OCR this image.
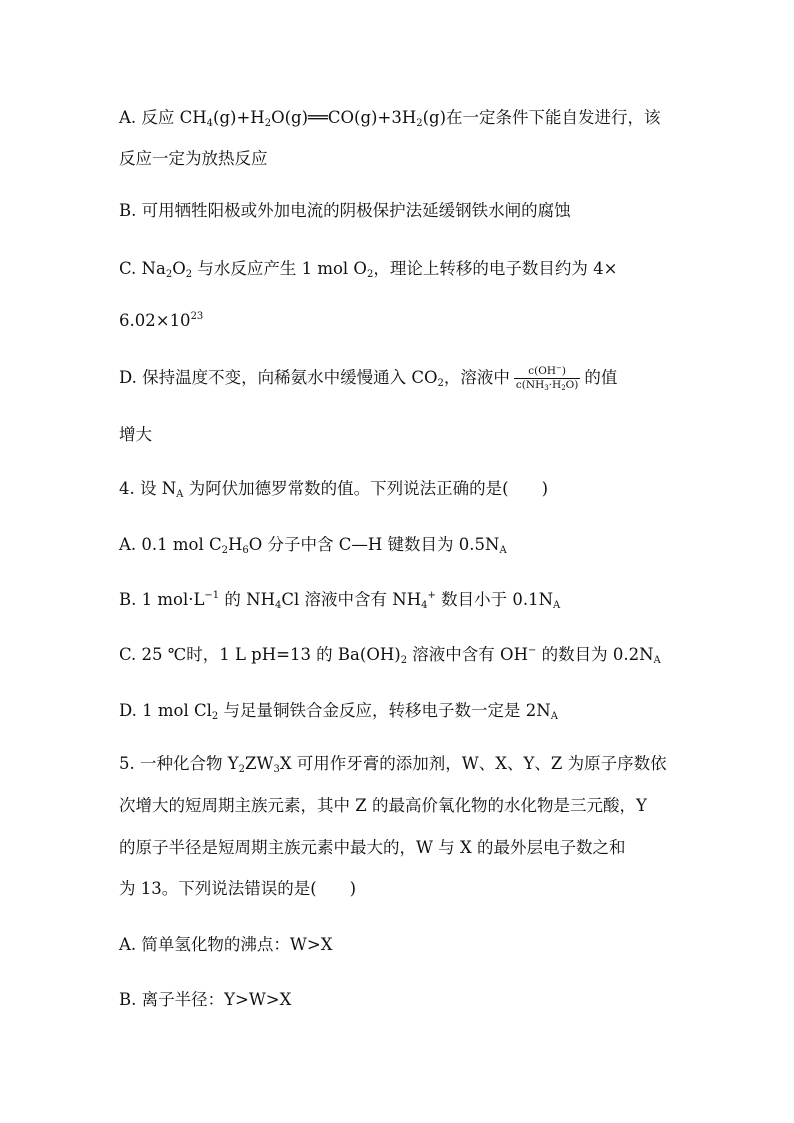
A. 反应 $CH_4(g)+H_2O(g)══CO(g)+3H_2(g)$在一定条件下能自发进行，该
反应一定为放热反应
B. 可用牺牲阳极或外加电流的阴极保护法延缓钢铁水闸的腐蚀
C. $Na_2O_2$ 与水反应产生 1 mol $O_2$，理论上转移的电子数目约为 4×
$6.02\times 10^{23}$
D. 保持温度不变，向稀氨水中缓慢通入 $CO_2$，溶液中 $\frac{c(OH^-)}{c(NH_3\cdot H_2O)}$ 的值
增大
4. 设 $N_A$ 为阿伏加德罗常数的值。下列说法正确的是(　　)
A. 0.1 mol $C_2H_6O$ 分子中含 C—H 键数目为 $0.5N_A$
B. 1 $mol\cdot L^{-1}$ 的 $NH_4Cl$ 溶液中含有 $NH_4^+$ 数目小于 $0.1N_A$
C. 25 ℃时，1 L pH=13 的 $Ba(OH)_2$ 溶液中含有 OH− 的数目为 $0.2N_A$
D. 1 mol $Cl_2$ 与足量铜铁合金反应，转移电子数一定是 $2N_A$
5. 一种化合物 $Y_2ZW_3X$ 可用作牙膏的添加剂，W、X、Y、Z 为原子序数依
次增大的短周期主族元素，其中 Z 的最高价氧化物的水化物是三元酸，Y
的原子半径是短周期主族元素中最大的，W 与 X 的最外层电子数之和
为 13。下列说法错误的是(　　)
A. 简单氢化物的沸点：W>X
B. 离子半径：Y>W>X
